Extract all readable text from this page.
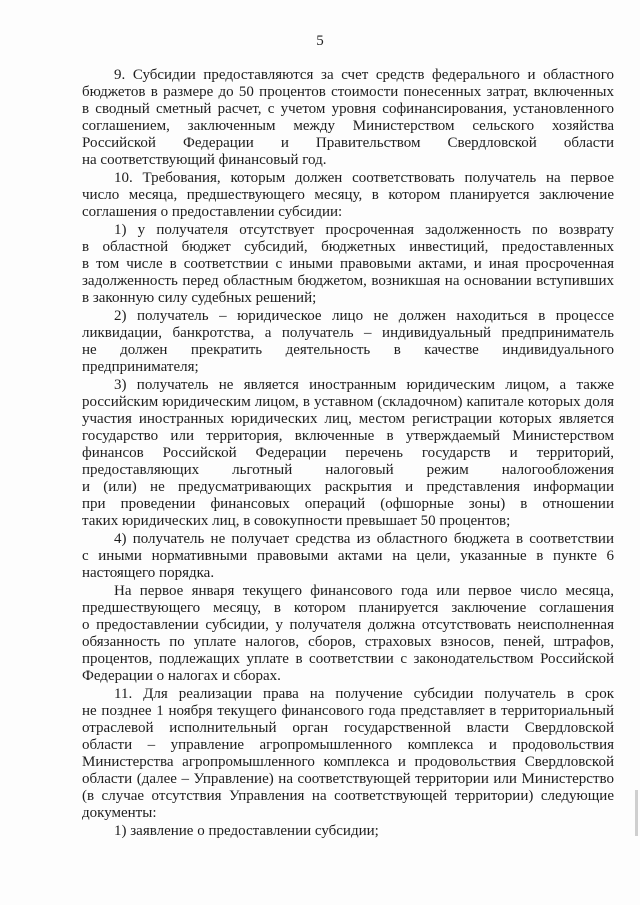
5

9. Субсидии предоставляются за счет средств федерального и областного

бюджетов в размере до 50 процентов стоимости понесенных затрат, включенных

в сводный сметный расчет, с учетом уровня софинансирования, установленного

соглашением, заключенным между Министерством сельского хозяйства

Российской Федерации и Правительством Свердловской области

на соответствующий финансовый год.

10. Требования, которым должен соответствовать получатель на первое

число месяца, предшествующего месяцу, в котором планируется заключение

соглашения о предоставлении субсидии:

1) у получателя отсутствует просроченная задолженность по возврату

в областной бюджет субсидий, бюджетных инвестиций, предоставленных

в том числе в соответствии с иными правовыми актами, и иная просроченная

задолженность перед областным бюджетом, возникшая на основании вступивших

в законную силу судебных решений;

2) получатель – юридическое лицо не должен находиться в процессе

ликвидации, банкротства, а получатель – индивидуальный предприниматель

не должен прекратить деятельность в качестве индивидуального

предпринимателя;

3) получатель не является иностранным юридическим лицом, а также

российским юридическим лицом, в уставном (складочном) капитале которых доля

участия иностранных юридических лиц, местом регистрации которых является

государство или территория, включенные в утверждаемый Министерством

финансов Российской Федерации перечень государств и территорий,

предоставляющих льготный налоговый режим налогообложения

и (или) не предусматривающих раскрытия и представления информации

при проведении финансовых операций (офшорные зоны) в отношении

таких юридических лиц, в совокупности превышает 50 процентов;

4) получатель не получает средства из областного бюджета в соответствии

с иными нормативными правовыми актами на цели, указанные в пункте 6

настоящего порядка.

На первое января текущего финансового года или первое число месяца,

предшествующего месяцу, в котором планируется заключение соглашения

о предоставлении субсидии, у получателя должна отсутствовать неисполненная

обязанность по уплате налогов, сборов, страховых взносов, пеней, штрафов,

процентов, подлежащих уплате в соответствии с законодательством Российской

Федерации о налогах и сборах.

11. Для реализации права на получение субсидии получатель в срок

не позднее 1 ноября текущего финансового года представляет в территориальный

отраслевой исполнительный орган государственной власти Свердловской

области – управление агропромышленного комплекса и продовольствия

Министерства агропромышленного комплекса и продовольствия Свердловской

области (далее – Управление) на соответствующей территории или Министерство

(в случае отсутствия Управления на соответствующей территории) следующие

документы:

1) заявление о предоставлении субсидии;
